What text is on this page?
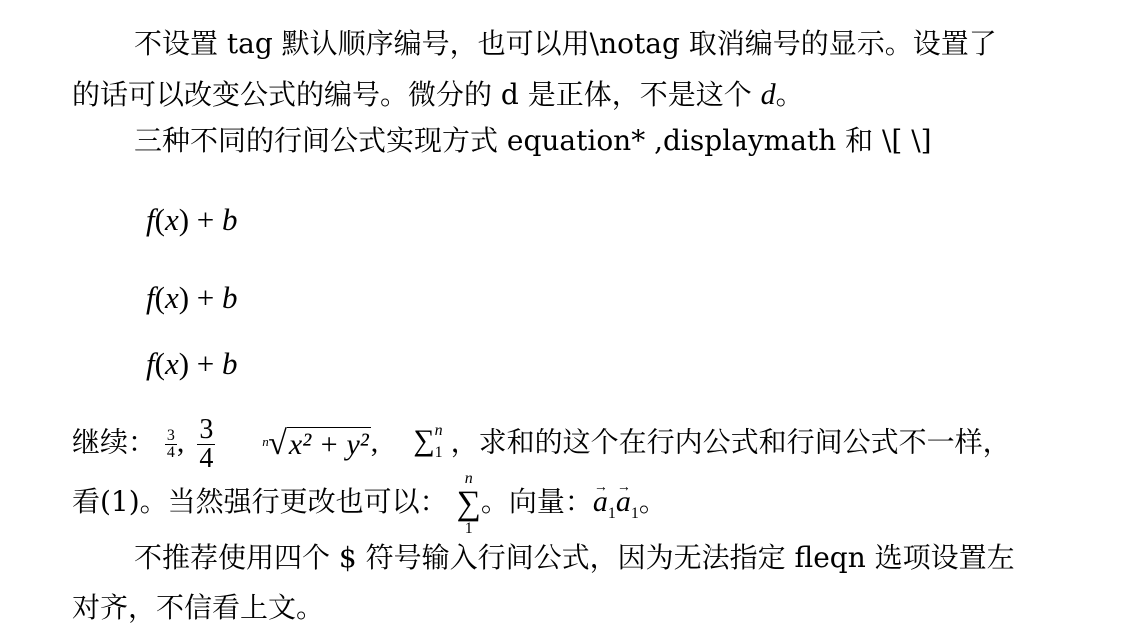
不设置 tag 默认顺序编号，也可以用\notag 取消编号的显示。设置了
的话可以改变公式的编号。微分的 d 是正体，不是这个 d。
三种不同的行间公式实现方式 equation* ,displaymath 和 \[ \]
f(x) + b
f(x) + b
f(x) + b
继续： $\frac{3}{4}$ , $\frac{3}{4}$
	n √x² + y², $\sum_1^n$ ，求和的这个在行内公式和行间公式不一样，
看(1)。当然强行更改也可以：
n
∑
1
。向量：→ $a_1\to a_1$。
不推荐使用四个 $ 符号输入行间公式，因为无法指定 fleqn 选项设置左
对齐，不信看上文。
